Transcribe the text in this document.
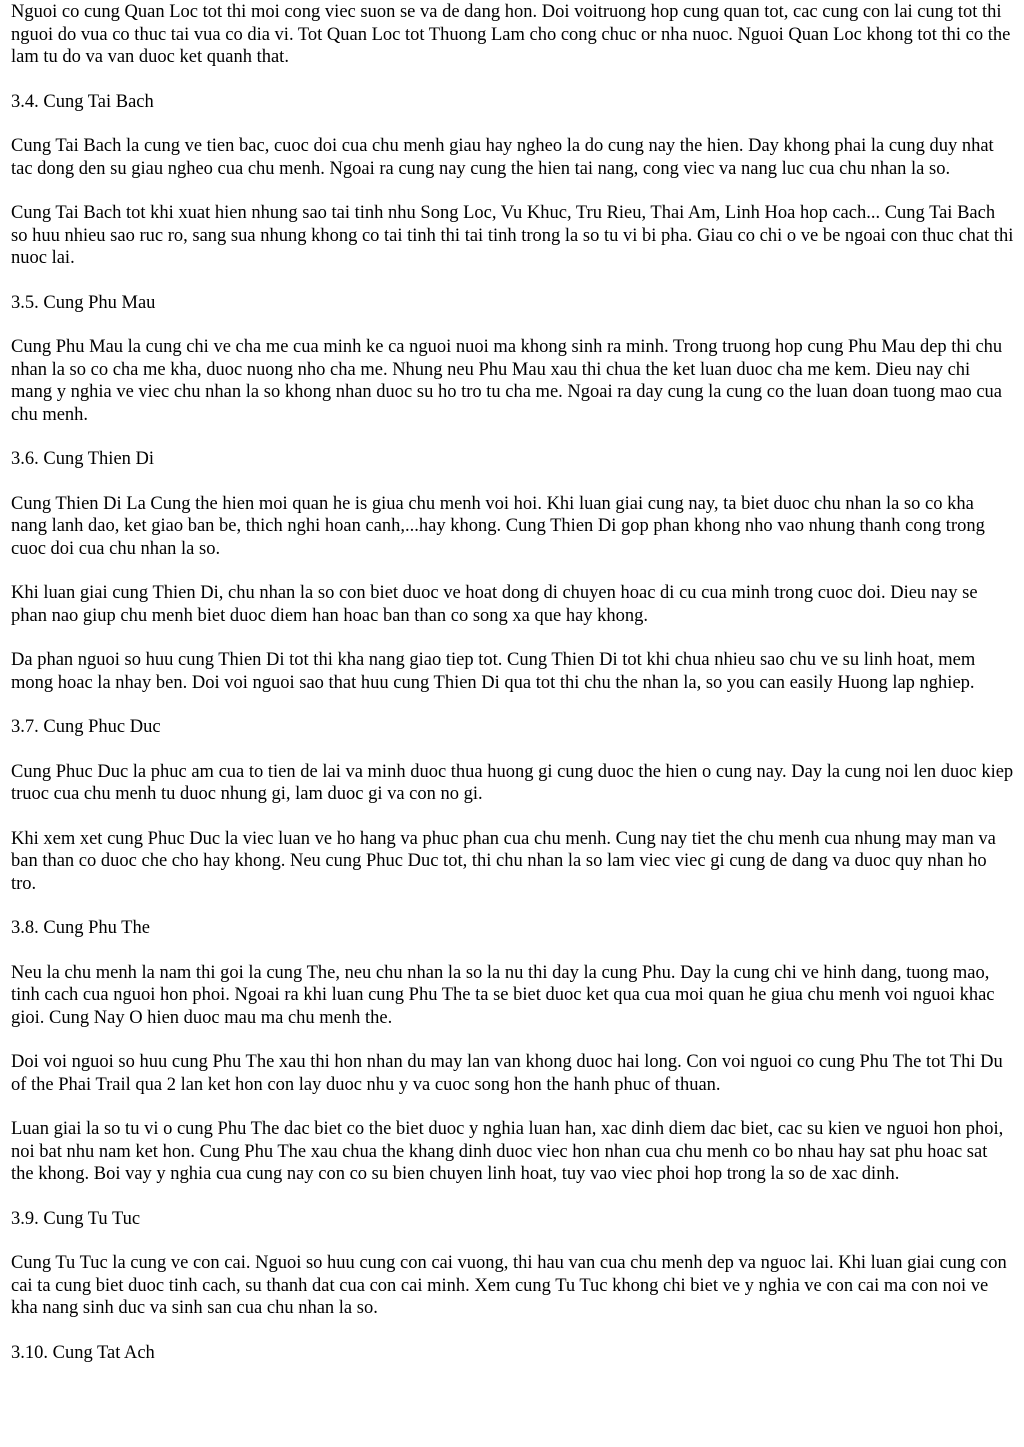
Nguoi co cung Quan Loc tot thi moi cong viec suon se va de dang hon. Doi voitruong hop cung quan tot, cac cung con lai cung tot thi nguoi do vua co thuc tai vua co dia vi. Tot Quan Loc tot Thuong Lam cho cong chuc or nha nuoc. Nguoi Quan Loc khong tot thi co the lam tu do va van duoc ket quanh that.

3.4. Cung Tai Bach

Cung Tai Bach la cung ve tien bac, cuoc doi cua chu menh giau hay ngheo la do cung nay the hien. Day khong phai la cung duy nhat tac dong den su giau ngheo cua chu menh. Ngoai ra cung nay cung the hien tai nang, cong viec va nang luc cua chu nhan la so.

Cung Tai Bach tot khi xuat hien nhung sao tai tinh nhu Song Loc, Vu Khuc, Tru Rieu, Thai Am, Linh Hoa hop cach... Cung Tai Bach so huu nhieu sao ruc ro, sang sua nhung khong co tai tinh thi tai tinh trong la so tu vi bi pha. Giau co chi o ve be ngoai con thuc chat thi nuoc lai.

3.5. Cung Phu Mau

Cung Phu Mau la cung chi ve cha me cua minh ke ca nguoi nuoi ma khong sinh ra minh. Trong truong hop cung Phu Mau dep thi chu nhan la so co cha me kha, duoc nuong nho cha me. Nhung neu Phu Mau xau thi chua the ket luan duoc cha me kem. Dieu nay chi mang y nghia ve viec chu nhan la so khong nhan duoc su ho tro tu cha me. Ngoai ra day cung la cung co the luan doan tuong mao cua chu menh.

3.6. Cung Thien Di

Cung Thien Di La Cung the hien moi quan he is giua chu menh voi hoi. Khi luan giai cung nay, ta biet duoc chu nhan la so co kha nang lanh dao, ket giao ban be, thich nghi hoan canh,...hay khong. Cung Thien Di gop phan khong nho vao nhung thanh cong trong cuoc doi cua chu nhan la so.

Khi luan giai cung Thien Di, chu nhan la so con biet duoc ve hoat dong di chuyen hoac di cu cua minh trong cuoc doi. Dieu nay se phan nao giup chu menh biet duoc diem han hoac ban than co song xa que hay khong.

Da phan nguoi so huu cung Thien Di tot thi kha nang giao tiep tot. Cung Thien Di tot khi chua nhieu sao chu ve su linh hoat, mem mong hoac la nhay ben. Doi voi nguoi sao that huu cung Thien Di qua tot thi chu the nhan la, so you can easily Huong lap nghiep.

3.7. Cung Phuc Duc

Cung Phuc Duc la phuc am cua to tien de lai va minh duoc thua huong gi cung duoc the hien o cung nay. Day la cung noi len duoc kiep truoc cua chu menh tu duoc nhung gi, lam duoc gi va con no gi.

Khi xem xet cung Phuc Duc la viec luan ve ho hang va phuc phan cua chu menh. Cung nay tiet the chu menh cua nhung may man va ban than co duoc che cho hay khong. Neu cung Phuc Duc tot, thi chu nhan la so lam viec viec gi cung de dang va duoc quy nhan ho tro.

3.8. Cung Phu The

Neu la chu menh la nam thi goi la cung The, neu chu nhan la so la nu thi day la cung Phu. Day la cung chi ve hinh dang, tuong mao, tinh cach cua nguoi hon phoi. Ngoai ra khi luan cung Phu The ta se biet duoc ket qua cua moi quan he giua chu menh voi nguoi khac gioi. Cung Nay O hien duoc mau ma chu menh the.

Doi voi nguoi so huu cung Phu The xau thi hon nhan du may lan van khong duoc hai long. Con voi nguoi co cung Phu The tot Thi Du of the Phai Trail qua 2 lan ket hon con lay duoc nhu y va cuoc song hon the hanh phuc of thuan.

Luan giai la so tu vi o cung Phu The dac biet co the biet duoc y nghia luan han, xac dinh diem dac biet, cac su kien ve nguoi hon phoi, noi bat nhu nam ket hon. Cung Phu The xau chua the khang dinh duoc viec hon nhan cua chu menh co bo nhau hay sat phu hoac sat the khong. Boi vay y nghia cua cung nay con co su bien chuyen linh hoat, tuy vao viec phoi hop trong la so de xac dinh.

3.9. Cung Tu Tuc

Cung Tu Tuc la cung ve con cai. Nguoi so huu cung con cai vuong, thi hau van cua chu menh dep va nguoc lai. Khi luan giai cung con cai ta cung biet duoc tinh cach, su thanh dat cua con cai minh. Xem cung Tu Tuc khong chi biet ve y nghia ve con cai ma con noi ve kha nang sinh duc va sinh san cua chu nhan la so.

3.10. Cung Tat Ach
